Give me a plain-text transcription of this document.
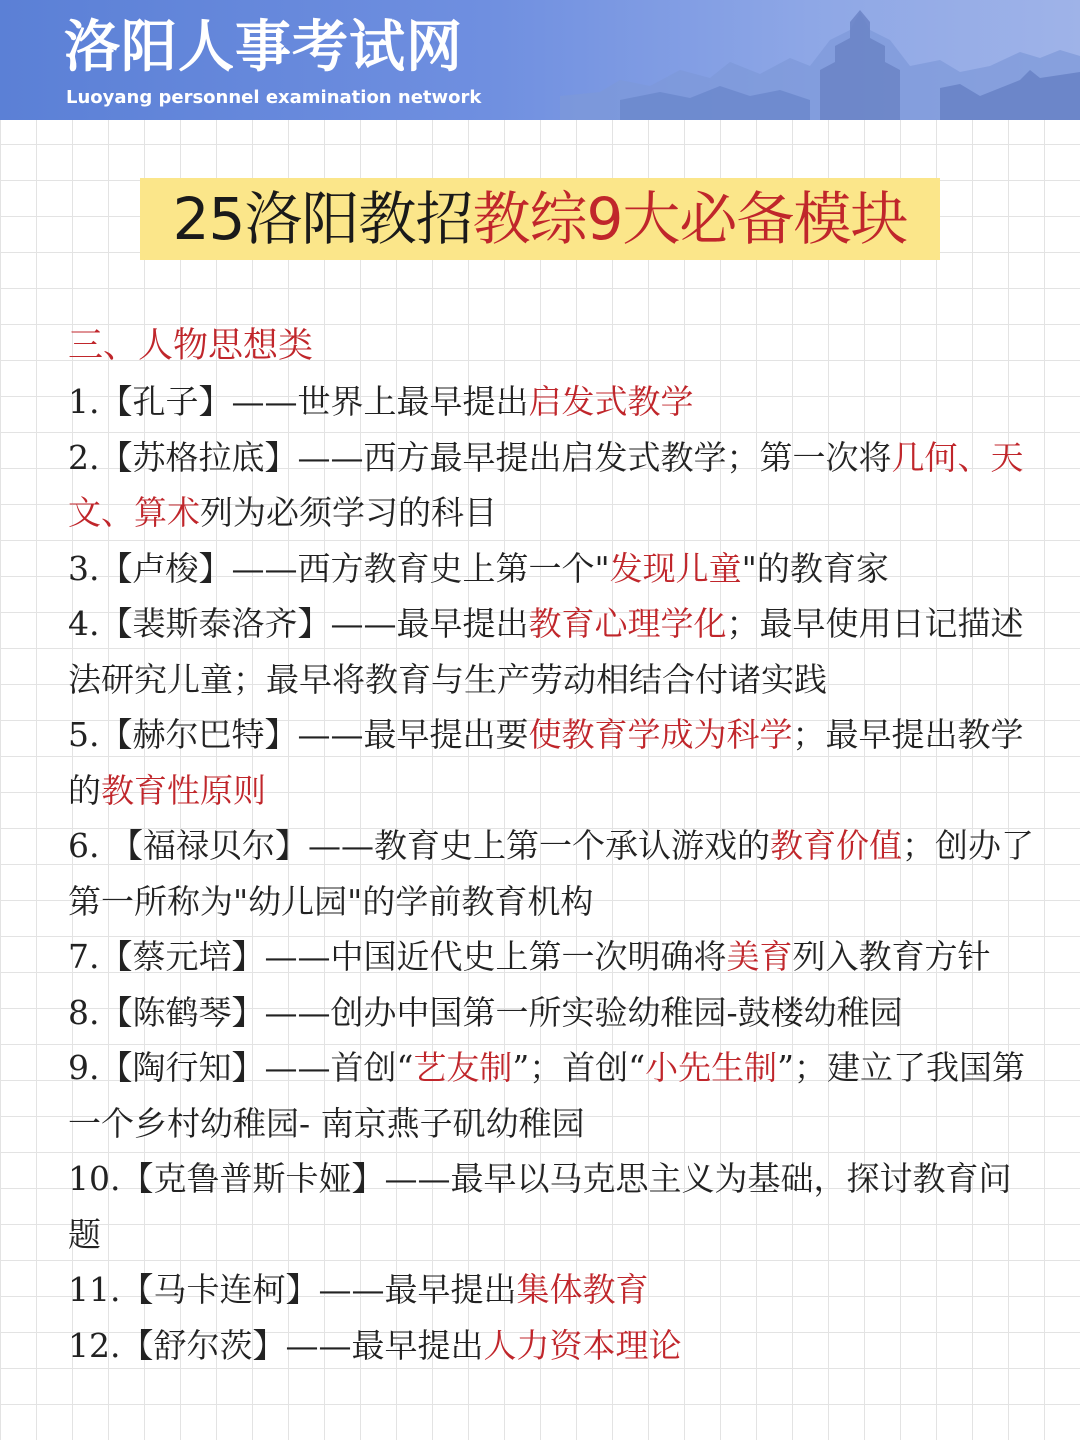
洛阳人事考试网
Luoyang personnel examination network
25洛阳教招教综9大必备模块
三、人物思想类

1.【孔子】——世界上最早提出启发式教学

2.【苏格拉底】——西方最早提出启发式教学；第一次将几何、天文、算术列为必须学习的科目

3.【卢梭】——西方教育史上第一个"发现儿童"的教育家

4.【裴斯泰洛齐】——最早提出教育心理学化；最早使用日记描述法研究儿童；最早将教育与生产劳动相结合付诸实践

5.【赫尔巴特】——最早提出要使教育学成为科学；最早提出教学的教育性原则

6. 【福禄贝尔】——教育史上第一个承认游戏的教育价值；创办了第一所称为"幼儿园"的学前教育机构

7.【蔡元培】——中国近代史上第一次明确将美育列入教育方针

8.【陈鹤琴】——创办中国第一所实验幼稚园-鼓楼幼稚园

9.【陶行知】——首创“艺友制”；首创“小先生制”；建立了我国第一个乡村幼稚园- 南京燕子矶幼稚园

10.【克鲁普斯卡娅】——最早以马克思主义为基础，探讨教育问题

11.【马卡连柯】——最早提出集体教育

12.【舒尔茨】——最早提出人力资本理论
